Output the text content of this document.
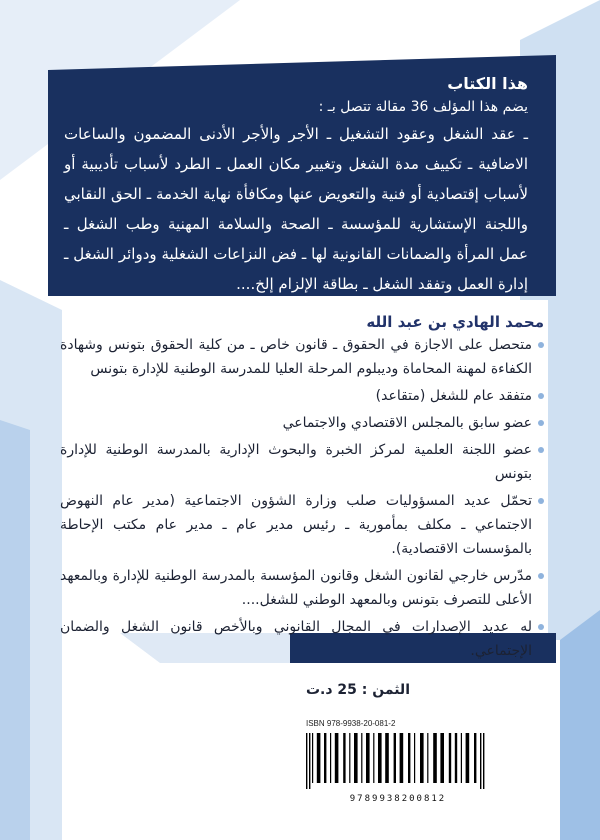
هذا الكتاب
يضم هذا المؤلف 36 مقالة تتصل بـ :
ـ عقد الشغل وعقود التشغيل ـ الأجر والأجر الأدنى المضمون والساعات الاضافية ـ تكييف مدة الشغل وتغيير مكان العمل ـ الطرد لأسباب تأديبية أو لأسباب إقتصادية أو فنية والتعويض عنها ومكافأة نهاية الخدمة ـ الحق النقابي واللجنة الإستشارية للمؤسسة ـ الصحة والسلامة المهنية وطب الشغل ـ عمل المرأة والضمانات القانونية لها ـ فض النزاعات الشغلية ودوائر الشغل ـ إدارة العمل وتفقد الشغل ـ بطاقة الإلزام إلخ....
محمد الهادي بن عبد الله
متحصل على الاجازة في الحقوق ـ قانون خاص ـ من كلية الحقوق بتونس وشهادة الكفاءة لمهنة المحاماة وديبلوم المرحلة العليا للمدرسة الوطنية للإدارة بتونس
متفقد عام للشغل (متقاعد)
عضو سابق بالمجلس الاقتصادي والاجتماعي
عضو اللجنة العلمية لمركز الخبرة والبحوث الإدارية بالمدرسة الوطنية للإدارة بتونس
تحمّل عديد المسؤوليات صلب وزارة الشؤون الاجتماعية (مدير عام النهوض الاجتماعي ـ مكلف بمأمورية ـ رئيس مدير عام ـ مدير عام مكتب الإحاطة بالمؤسسات الاقتصادية).
مدّرس خارجي لقانون الشغل وقانون المؤسسة بالمدرسة الوطنية للإدارة وبالمعهد الأعلى للتصرف بتونس وبالمعهد الوطني للشغل....
له عديد الإصدارات في المجال القانوني وبالأخص قانون الشغل والضمان الإجتماعي.
الثمن : 25 د.ت
ISBN 978-9938-20-081-2
9789938200812
